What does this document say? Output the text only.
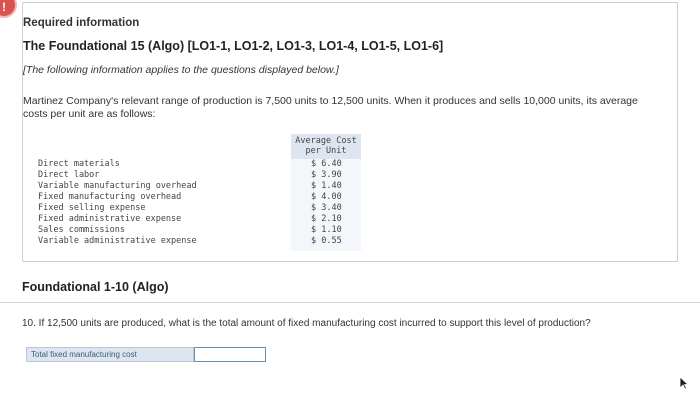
!
Required information
The Foundational 15 (Algo) [LO1-1, LO1-2, LO1-3, LO1-4, LO1-5, LO1-6]
[The following information applies to the questions displayed below.]
Martinez Company's relevant range of production is 7,500 units to 12,500 units. When it produces and sells 10,000 units, its average costs per unit are as follows:
Average Cost
per Unit
Direct materials	$ 6.40
Direct labor	$ 3.90
Variable manufacturing overhead	$ 1.40
Fixed manufacturing overhead	$ 4.00
Fixed selling expense	$ 3.40
Fixed administrative expense	$ 2.10
Sales commissions	$ 1.10
Variable administrative expense	$ 0.55
Foundational 1-10 (Algo)
10. If 12,500 units are produced, what is the total amount of fixed manufacturing cost incurred to support this level of production?
Total fixed manufacturing cost
